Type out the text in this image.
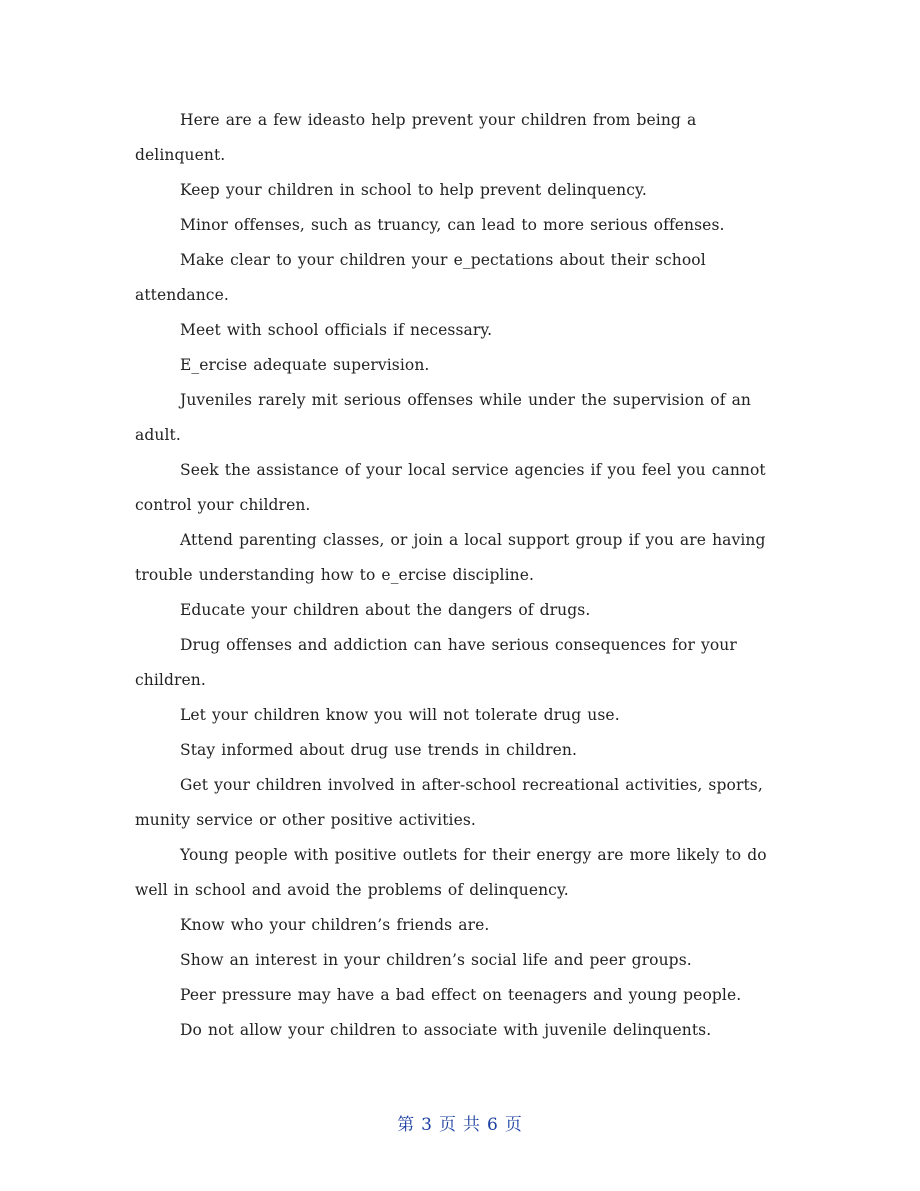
Here are a few ideasto help prevent your children from being a delinquent.

Keep your children in school to help prevent delinquency.

Minor offenses, such as truancy, can lead to more serious offenses.

Make clear to your children your e_pectations about their school attendance.

Meet with school officials if necessary.

E_ercise adequate supervision.

Juveniles rarely mit serious offenses while under the supervision of an adult.

Seek the assistance of your local service agencies if you feel you cannot control your children.

Attend parenting classes, or join a local support group if you are having trouble understanding how to e_ercise discipline.

Educate your children about the dangers of drugs.

Drug offenses and addiction can have serious consequences for your children.

Let your children know you will not tolerate drug use.

Stay informed about drug use trends in children.

Get your children involved in after-school recreational activities, sports, munity service or other positive activities.

Young people with positive outlets for their energy are more likely to do well in school and avoid the problems of delinquency.

Know who your children’s friends are.

Show an interest in your children’s social life and peer groups.

Peer pressure may have a bad effect on teenagers and young people.

Do not allow your children to associate with juvenile delinquents.

第 3 页 共 6 页
